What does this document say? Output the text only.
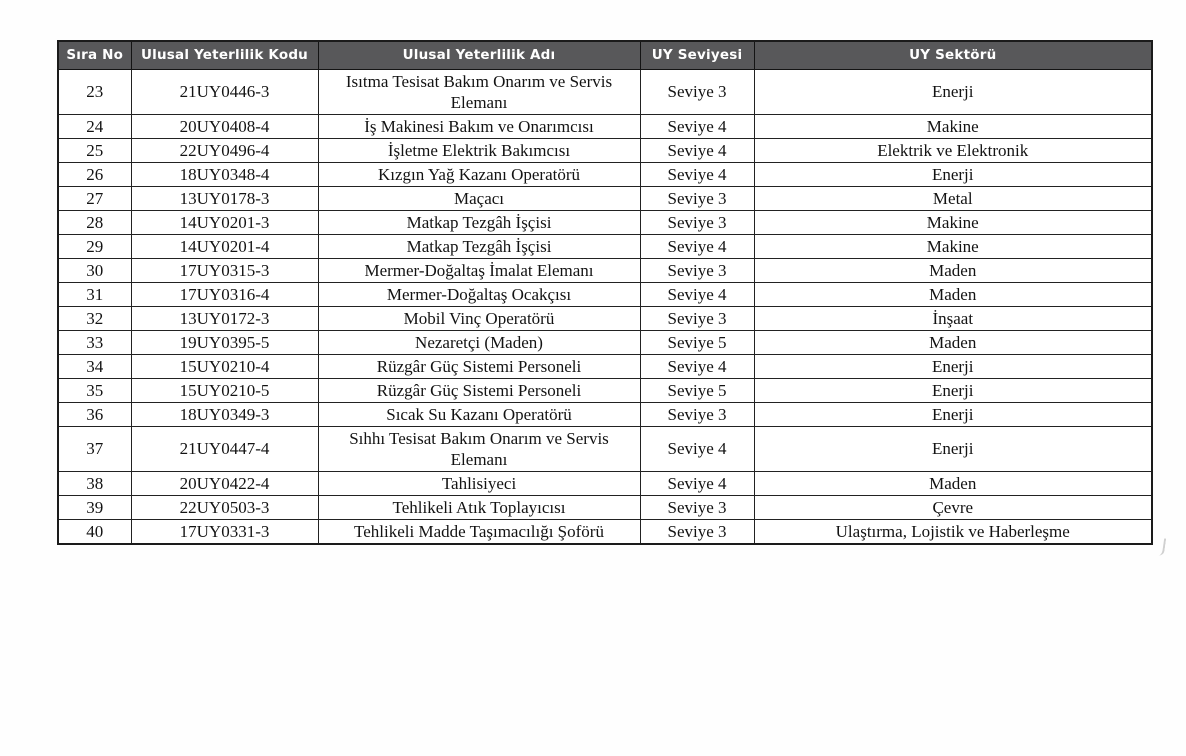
Sıra No	Ulusal Yeterlilik Kodu	Ulusal Yeterlilik Adı	UY Seviyesi	UY Sektörü
23	21UY0446-3	Isıtma Tesisat Bakım Onarım ve Servis Elemanı	Seviye 3	Enerji
24	20UY0408-4	İş Makinesi Bakım ve Onarımcısı	Seviye 4	Makine
25	22UY0496-4	İşletme Elektrik Bakımcısı	Seviye 4	Elektrik ve Elektronik
26	18UY0348-4	Kızgın Yağ Kazanı Operatörü	Seviye 4	Enerji
27	13UY0178-3	Maçacı	Seviye 3	Metal
28	14UY0201-3	Matkap Tezgâh İşçisi	Seviye 3	Makine
29	14UY0201-4	Matkap Tezgâh İşçisi	Seviye 4	Makine
30	17UY0315-3	Mermer-Doğaltaş İmalat Elemanı	Seviye 3	Maden
31	17UY0316-4	Mermer-Doğaltaş Ocakçısı	Seviye 4	Maden
32	13UY0172-3	Mobil Vinç Operatörü	Seviye 3	İnşaat
33	19UY0395-5	Nezaretçi (Maden)	Seviye 5	Maden
34	15UY0210-4	Rüzgâr Güç Sistemi Personeli	Seviye 4	Enerji
35	15UY0210-5	Rüzgâr Güç Sistemi Personeli	Seviye 5	Enerji
36	18UY0349-3	Sıcak Su Kazanı Operatörü	Seviye 3	Enerji
37	21UY0447-4	Sıhhı Tesisat Bakım Onarım ve Servis Elemanı	Seviye 4	Enerji
38	20UY0422-4	Tahlisiyeci	Seviye 4	Maden
39	22UY0503-3	Tehlikeli Atık Toplayıcısı	Seviye 3	Çevre
40	17UY0331-3	Tehlikeli Madde Taşımacılığı Şoförü	Seviye 3	Ulaştırma, Lojistik ve Haberleşme
